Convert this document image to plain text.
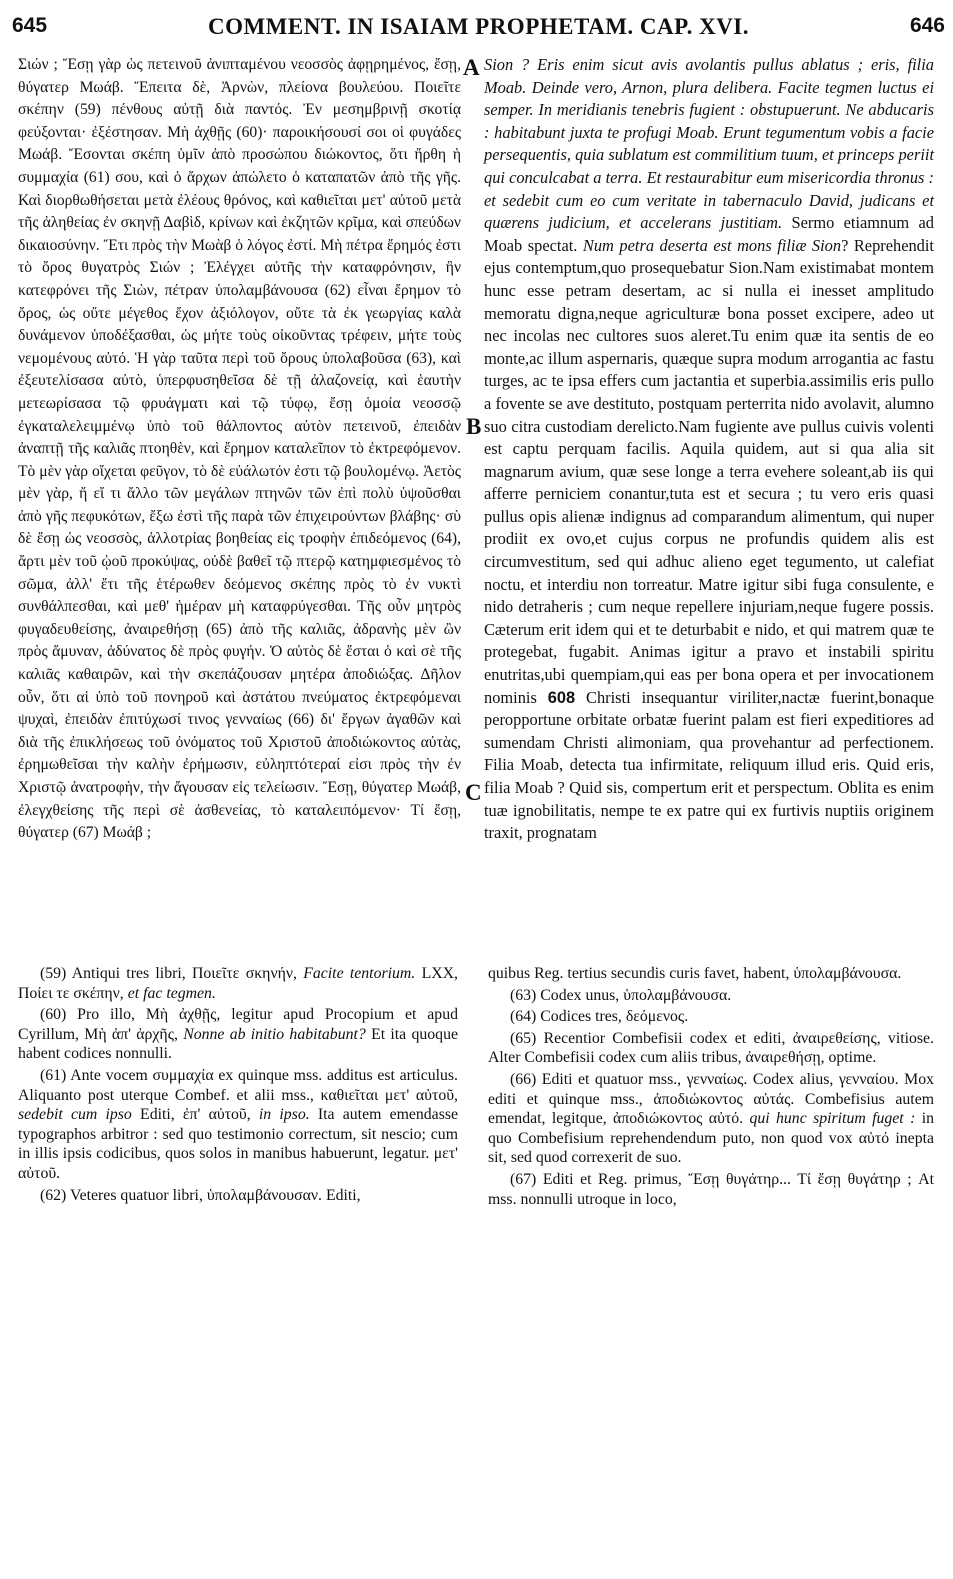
645	COMMENT. IN ISAIAM PROPHETAM. CAP. XVI.	646
A
B
C

Σιών ; Ἔσῃ γὰρ ὡς πετεινοῦ ἀνιπταμένου νεοσσὸς ἀφῃρημένος, ἔσῃ, θύγατερ Μωάβ. Ἔπειτα δὲ, Ἀρνὼν, πλείονα βουλεύου. Ποιεῖτε σκέπην (59) πένθους αὐτῇ διὰ παντός. Ἐν μεσημβρινῇ σκοτίᾳ φεύξονται· ἐξέστησαν. Μὴ ἀχθῇς (60)· παροικήσουσί σοι οἱ φυγάδες Μωάβ. Ἔσονται σκέπη ὑμῖν ἀπὸ προσώπου διώκοντος, ὅτι ἤρθη ἡ συμμαχία (61) σου, καὶ ὁ ἄρχων ἀπώλετο ὁ καταπατῶν ἀπὸ τῆς γῆς. Καὶ διορθωθήσεται μετὰ ἐλέους θρόνος, καὶ καθιεῖται μετ' αὐτοῦ μετὰ τῆς ἀληθείας ἐν σκηνῇ Δαβὶδ, κρίνων καὶ ἐκζητῶν κρῖμα, καὶ σπεύδων δικαιοσύνην. Ἔτι πρὸς τὴν Μωὰβ ὁ λόγος ἐστί. Μὴ πέτρα ἔρημός ἐστι τὸ ὄρος θυγατρὸς Σιών ; Ἐλέγχει αὐτῆς τὴν καταφρόνησιν, ἣν κατεφρόνει τῆς Σιὼν, πέτραν ὑπολαμβάνουσα (62) εἶναι ἔρημον τὸ ὄρος, ὡς οὔτε μέγεθος ἔχον ἀξιόλογον, οὔτε τὰ ἐκ γεωργίας καλὰ δυνάμενον ὑποδέξασθαι, ὡς μήτε τοὺς οἰκοῦντας τρέφειν, μήτε τοὺς νεμομένους αὐτό. Ἡ γὰρ ταῦτα περὶ τοῦ ὄρους ὑπολαβοῦσα (63), καὶ ἐξευτελίσασα αὐτὸ, ὑπερφυσηθεῖσα δὲ τῇ ἀλαζονείᾳ, καὶ ἑαυτὴν μετεωρίσασα τῷ φρυάγματι καὶ τῷ τύφῳ, ἔσῃ ὁμοία νεοσσῷ ἐγκαταλελειμμένῳ ὑπὸ τοῦ θάλποντος αὐτὸν πετεινοῦ, ἐπειδὰν ἀναπτῇ τῆς καλιᾶς πτοηθὲν, καὶ ἔρημον καταλεῖπον τὸ ἐκτρεφόμενον. Τὸ μὲν γὰρ οἴχεται φεῦγον, τὸ δὲ εὐάλωτόν ἐστι τῷ βουλομένῳ. Ἀετὸς μὲν γὰρ, ἤ εἴ τι ἄλλο τῶν μεγάλων πτηνῶν τῶν ἐπὶ πολὺ ὑψοῦσθαι ἀπὸ γῆς πεφυκότων, ἔξω ἐστὶ τῆς παρὰ τῶν ἐπιχειρούντων βλάβης· σὺ δὲ ἔσῃ ὡς νεοσσὸς, ἀλλοτρίας βοηθείας εἰς τροφὴν ἐπιδεόμενος (64), ἄρτι μὲν τοῦ ᾠοῦ προκύψας, οὐδὲ βαθεῖ τῷ πτερῷ κατημφιεσμένος τὸ σῶμα, ἀλλ' ἔτι τῆς ἑτέρωθεν δεόμενος σκέπης πρὸς τὸ ἐν νυκτὶ συνθάλπεσθαι, καὶ μεθ' ἡμέραν μὴ καταφρύγεσθαι. Τῆς οὖν μητρὸς φυγαδευθείσης, ἀναιρεθήσῃ (65) ἀπὸ τῆς καλιᾶς, ἀδρανὴς μὲν ὢν πρὸς ἄμυναν, ἀδύνατος δὲ πρὸς φυγήν. Ὁ αὐτὸς δὲ ἔσται ὁ καὶ σὲ τῆς καλιᾶς καθαιρῶν, καὶ τὴν σκεπάζουσαν μητέρα ἀποδιώξας. Δῆλον οὖν, ὅτι αἱ ὑπὸ τοῦ πονηροῦ καὶ ἀστάτου πνεύματος ἐκτρεφόμεναι ψυχαὶ, ἐπειδὰν ἐπιτύχωσί τινος γενναίως (66) δι' ἔργων ἀγαθῶν καὶ διὰ τῆς ἐπικλήσεως τοῦ ὀνόματος τοῦ Χριστοῦ ἀποδιώκοντος αὐτὰς, ἐρημωθεῖσαι τὴν καλὴν ἐρήμωσιν, εὐληπτότεραί εἰσι πρὸς τὴν ἐν Χριστῷ ἀνατροφὴν, τὴν ἄγουσαν εἰς τελείωσιν. Ἔσῃ, θύγατερ Μωάβ, ἐλεγχθείσης τῆς περὶ σὲ ἀσθενείας, τὸ καταλειπόμενον· Τί ἔσῃ, θύγατερ (67) Μωάβ ;

Sion ? Eris enim sicut avis avolantis pullus ablatus ; eris, filia Moab. Deinde vero, Arnon, plura delibera. Facite tegmen luctus ei semper. In meridianis tenebris fugient : obstupuerunt. Ne abducaris : habitabunt juxta te profugi Moab. Erunt tegumentum vobis a facie persequentis, quia sublatum est commilitium tuum, et princeps periit qui conculcabat a terra. Et restaurabitur eum misericordia thronus : et sedebit cum eo cum veritate in tabernaculo David, judicans et quærens judicium, et accelerans justitiam. Sermo etiamnum ad Moab spectat. Num petra deserta est mons filiæ Sion? Reprehendit ejus contemptum,quo prosequebatur Sion.Nam existimabat montem hunc esse petram desertam, ac si nulla ei inesset amplitudo memoratu digna,neque agriculturæ bona posset excipere, adeo ut nec incolas nec cultores suos aleret.Tu enim quæ ita sentis de eo monte,ac illum aspernaris, quæque supra modum arrogantia ac fastu turges, ac te ipsa effers cum jactantia et superbia.assimilis eris pullo a fovente se ave destituto, postquam perterrita nido avolavit, alumno suo citra custodiam derelicto.Nam fugiente ave pullus cuivis volenti est captu perquam facilis. Aquila quidem, aut si qua alia sit magnarum avium, quæ sese longe a terra evehere soleant,ab iis qui afferre perniciem conantur,tuta est et secura ; tu vero eris quasi pullus opis alienæ indignus ad comparandum alimentum, qui nuper prodiit ex ovo,et cujus corpus ne profundis quidem alis est circumvestitum, sed qui adhuc alieno eget tegumento, ut calefiat noctu, et interdiu non torreatur. Matre igitur sibi fuga consulente, e nido detraheris ; cum neque repellere injuriam,neque fugere possis. Cæterum erit idem qui et te deturbabit e nido, et qui matrem quæ te protegebat, fugabit. Animas igitur a pravo et instabili spiritu enutritas,ubi quempiam,qui eas per bona opera et per invocationem nominis 608 Christi insequantur viriliter,nactæ fuerint,bonaque peropportune orbitate orbatæ fuerint palam est fieri expeditiores ad sumendam Christi alimoniam, qua provehantur ad perfectionem. Filia Moab, detecta tua infirmitate, reliquum illud eris. Quid eris, filia Moab ? Quid sis, compertum erit et perspectum. Oblita es enim tuæ ignobilitatis, nempe te ex patre qui ex furtivis nuptiis originem traxit, prognatam

(59) Antiqui tres libri, Ποιεῖτε σκηνήν, Facite tentorium. LXX, Ποίει τε σκέπην, et fac tegmen.

(60) Pro illo, Μὴ ἀχθῇς, legitur apud Procopium et apud Cyrillum, Μὴ ἀπ' ἀρχῆς, Nonne ab initio habitabunt? Et ita quoque habent codices nonnulli.

(61) Ante vocem συμμαχία ex quinque mss. additus est articulus. Aliquanto post uterque Combef. et alii mss., καθιεῖται μετ' αὐτοῦ, sedebit cum ipso Editi, ἐπ' αὐτοῦ, in ipso. Ita autem emendasse typographos arbitror : sed quo testimonio correctum, sit nescio; cum in illis ipsis codicibus, quos solos in manibus habuerunt, legatur. μετ' αὐτοῦ.

(62) Veteres quatuor libri, ὑπολαμβάνουσαν. Editi,

quibus Reg. tertius secundis curis favet, habent, ὑπολαμβάνουσα.

(63) Codex unus, ὑπολαμβάνουσα.

(64) Codices tres, δεόμενος.

(65) Recentior Combefisii codex et editi, ἀναιρεθείσης, vitiose. Alter Combefisii codex cum aliis tribus, ἀναιρεθήσῃ, optime.

(66) Editi et quatuor mss., γενναίως. Codex alius, γενναίου. Mox editi et quinque mss., ἀποδιώκοντος αὐτάς. Combefisius autem emendat, legitque, ἀποδιώκοντος αὐτό. qui hunc spiritum fuget : in quo Combefisium reprehendendum puto, non quod vox αὐτό inepta sit, sed quod correxerit de suo.

(67) Editi et Reg. primus, Ἔσῃ θυγάτηρ... Τί ἔσῃ θυγάτηρ ; At mss. nonnulli utroque in loco,
